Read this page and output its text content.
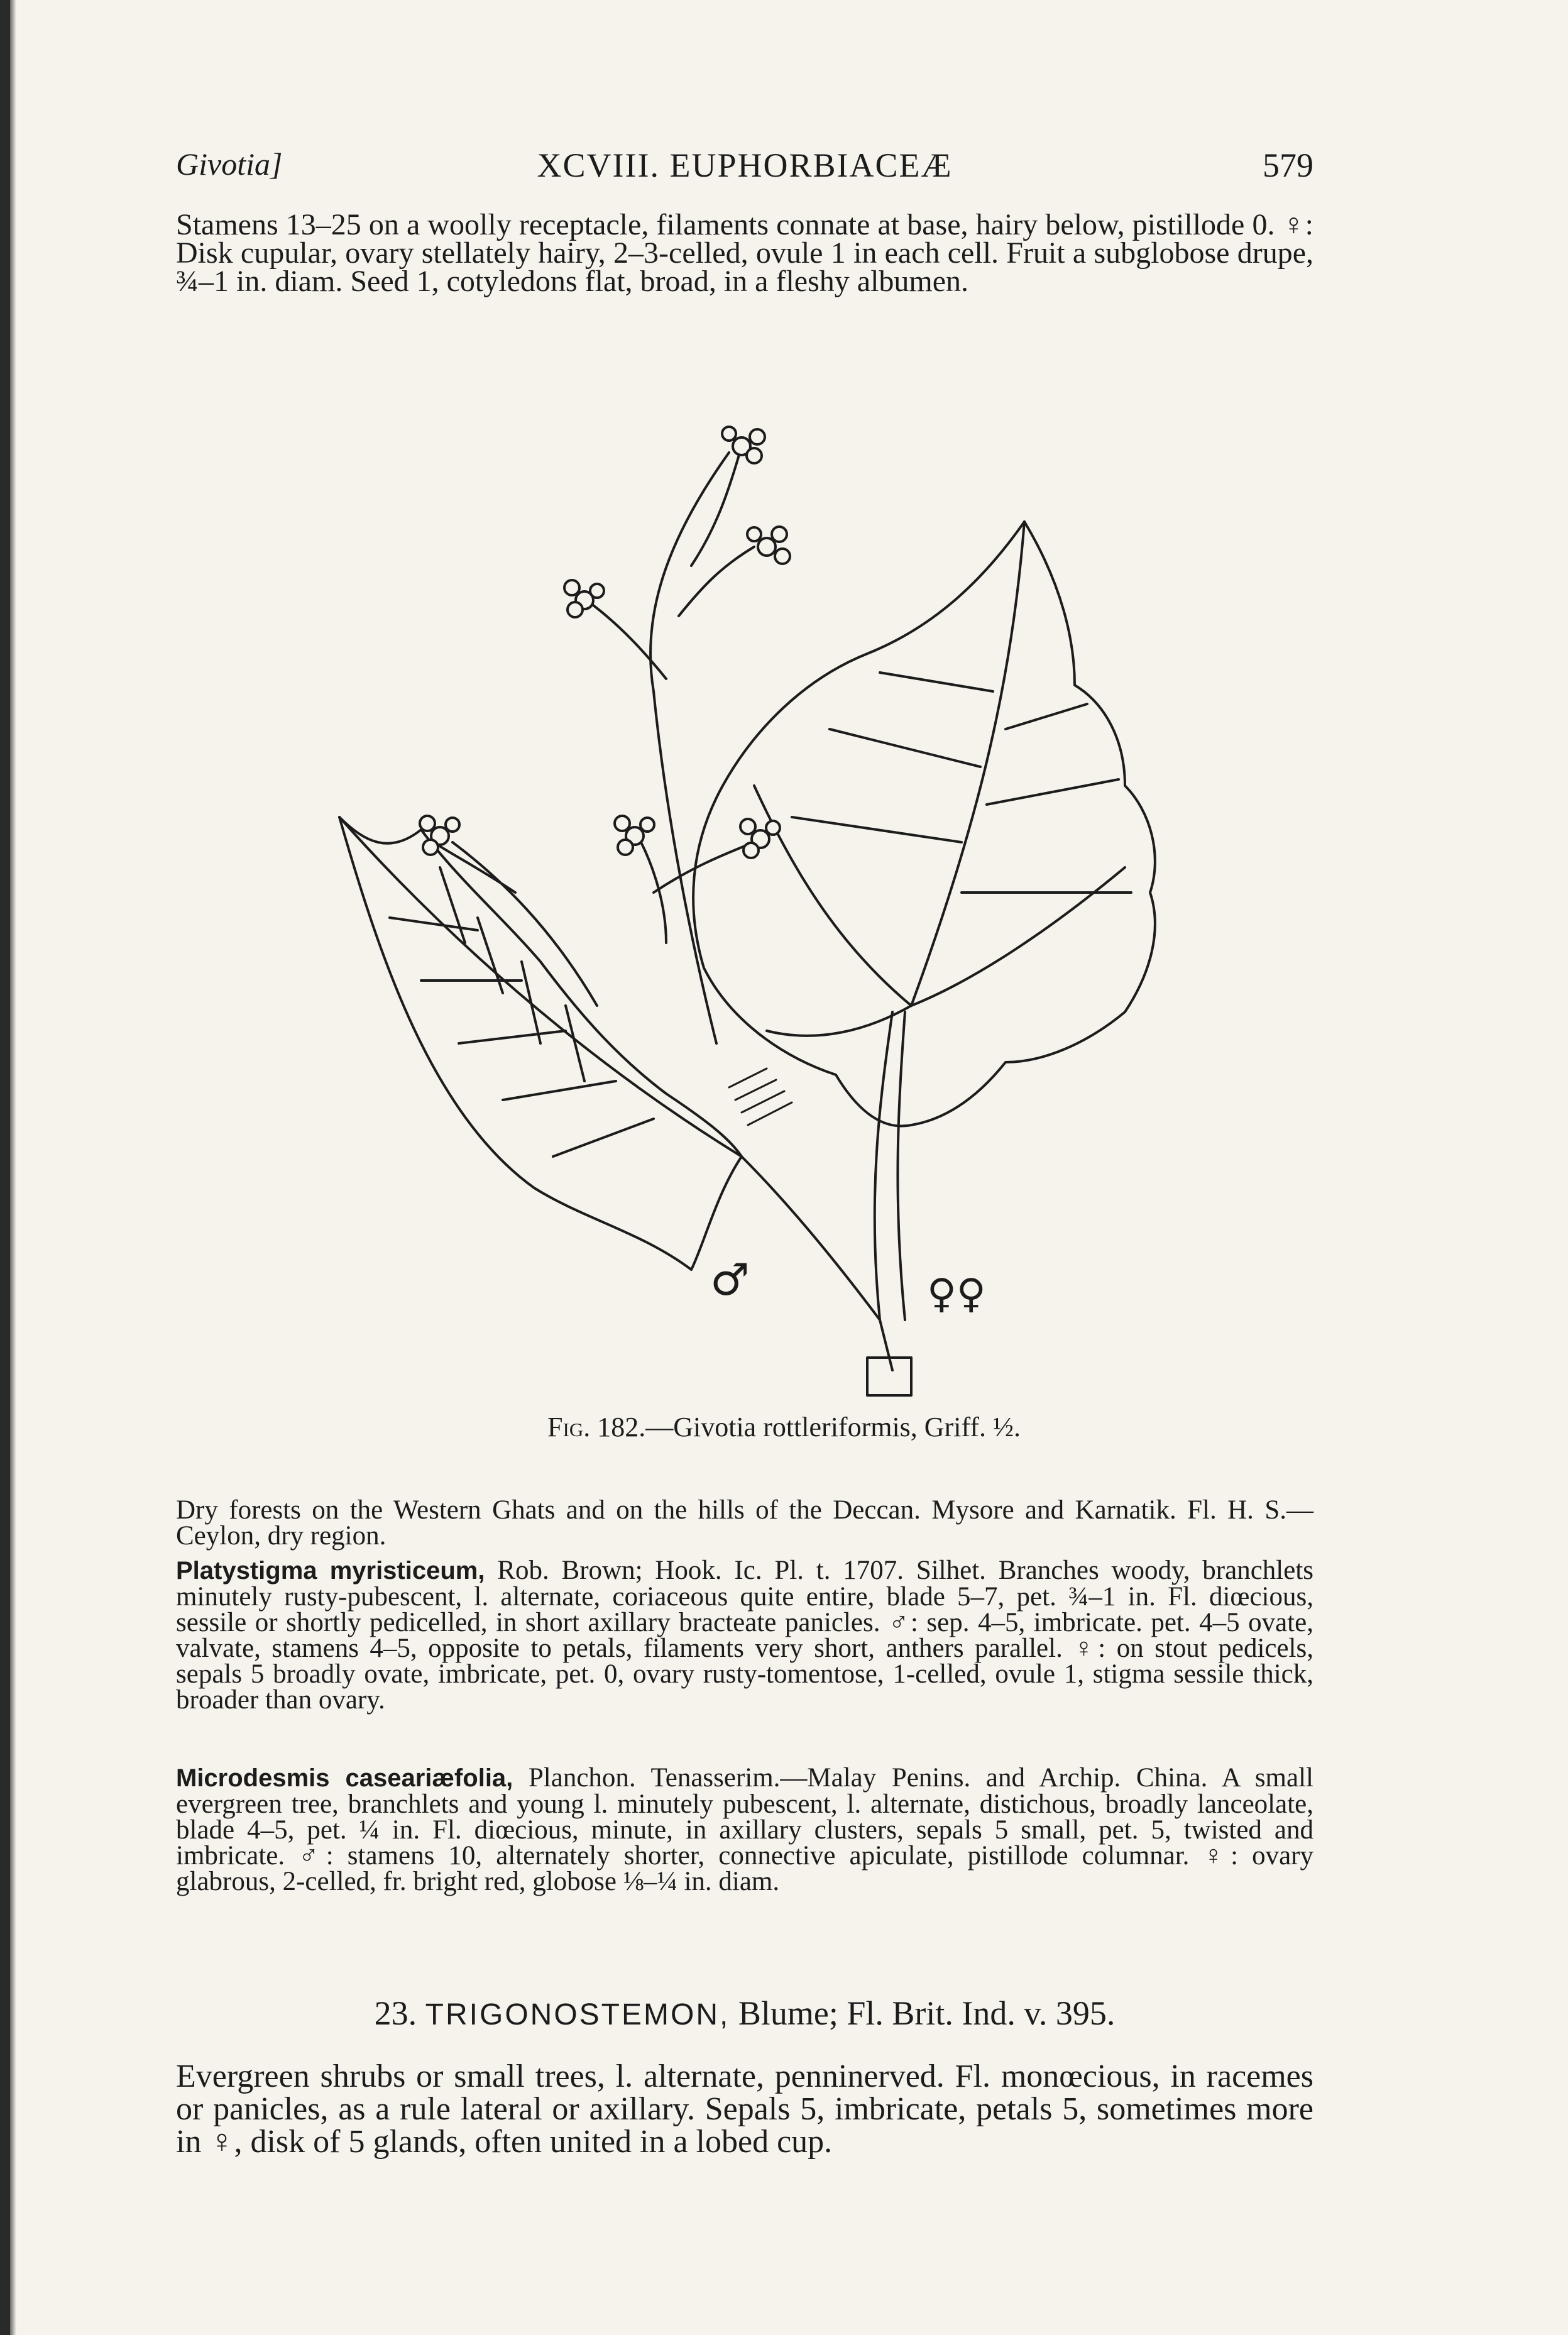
Givotia]	XCVIII. EUPHORBIACEÆ	579

Stamens 13–25 on a woolly receptacle, filaments connate at base, hairy below, pistillode 0. ♀: Disk cupular, ovary stellately hairy, 2–3-celled, ovule 1 in each cell. Fruit a subglobose drupe, ¾–1 in. diam. Seed 1, cotyledons flat, broad, in a fleshy albumen.

♂	♀♀
Fig. 182.—Givotia rottleriformis, Griff. ½.

Dry forests on the Western Ghats and on the hills of the Deccan. Mysore and Karnatik. Fl. H. S.—Ceylon, dry region.

Platystigma myristiceum, Rob. Brown; Hook. Ic. Pl. t. 1707. Silhet. Branches woody, branchlets minutely rusty-pubescent, l. alternate, coriaceous quite entire, blade 5–7, pet. ¾–1 in. Fl. diœcious, sessile or shortly pedicelled, in short axillary bracteate panicles. ♂: sep. 4–5, imbricate. pet. 4–5 ovate, valvate, stamens 4–5, opposite to petals, filaments very short, anthers parallel. ♀: on stout pedicels, sepals 5 broadly ovate, imbricate, pet. 0, ovary rusty-tomentose, 1-celled, ovule 1, stigma sessile thick, broader than ovary.

Microdesmis caseariæfolia, Planchon. Tenasserim.—Malay Penins. and Archip. China. A small evergreen tree, branchlets and young l. minutely pubescent, l. alternate, distichous, broadly lanceolate, blade 4–5, pet. ¼ in. Fl. diœcious, minute, in axillary clusters, sepals 5 small, pet. 5, twisted and imbricate. ♂: stamens 10, alternately shorter, connective apiculate, pistillode columnar. ♀: ovary glabrous, 2-celled, fr. bright red, globose ⅛–¼ in. diam.

23. TRIGONOSTEMON, Blume; Fl. Brit. Ind. v. 395.

Evergreen shrubs or small trees, l. alternate, penninerved. Fl. monœcious, in racemes or panicles, as a rule lateral or axillary. Sepals 5, imbricate, petals 5, sometimes more in ♀, disk of 5 glands, often united in a lobed cup.
